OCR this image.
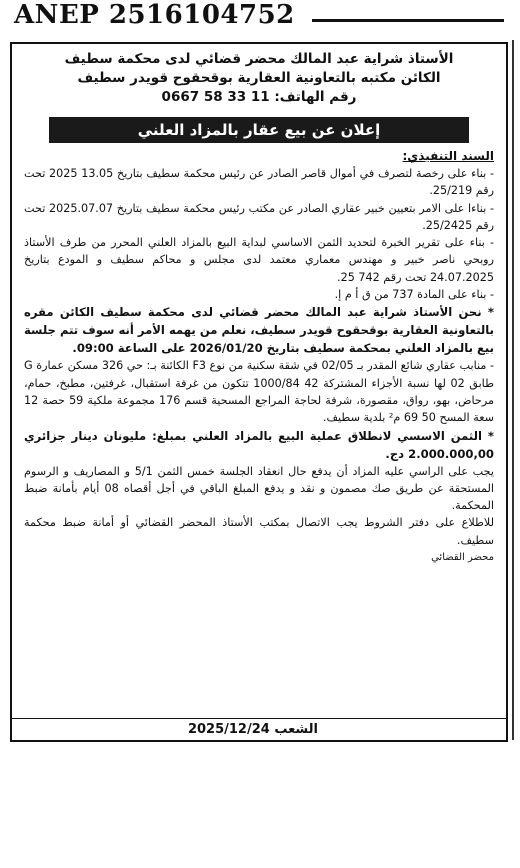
ANEP 2516104752
الأستاذ شراية عبد المالك محضر قضائي لدى محكمة سطيف
الكائن مكتبه بالتعاونية العقارية بوقحقوح قويدر سطيف
رقم الهاتف: 11 33 58 0667
إعلان عن بيع عقار بالمزاد العلني
السند التنفيذي:

- بناء على رخصة لتصرف في أموال قاصر الصادر عن رئيس محكمة سطيف بتاريخ 13.05 2025 تحت رقم 25/219.

- بناءا على الامر بتعيين خبير عقاري الصادر عن مكتب رئيس محكمة سطيف بتاريخ 2025.07.07 تحت رقم 25/2425.

- بناء على تقرير الخبرة لتحديد الثمن الاساسي لبداية البيع بالمزاد العلني المحرر من طرف الأستاذ روبحي ناصر خبير و مهندس معماري معتمد لدى مجلس و محاكم سطيف و المودع بتاريخ 24.07.2025 تحت رقم 742 25.

- بناء على المادة 737 من ق أ م إ.

* نحن الأستاذ شراية عبد المالك محضر قضائي لدى محكمة سطيف الكائن مقره بالتعاونية العقارية بوقحقوح قويدر سطيف، نعلم من يهمه الأمر أنه سوف تتم جلسة بيع بالمزاد العلني بمحكمة سطيف بتاريخ 2026/01/20 على الساعة 09:00.

- منابب عقاري شائع المقدر بـ 02/05 في شقة سكنية من نوع F3 الكائنة بـ: حي 326 مسكن عمارة G طابق 02 لها نسبة الأجزاء المشتركة 42 1000/84 تتكون من غرفة استقبال، غرفتين، مطبخ، حمام، مرحاض، بهو، رواق، مقصورة، شرفة لحاجة المراجع المسحية قسم 176 مجموعة ملكية 59 حصة 12 سعة المسح 50 69 م² بلدية سطيف.

* الثمن الاسسي لانطلاق عملية البيع بالمزاد العلني بمبلغ: مليونان دينار جزائري 2.000.000,00 دج.

يجب على الراسي عليه المزاد أن يدفع حال انعقاد الجلسة خمس الثمن 5/1 و المصاريف و الرسوم المستحقة عن طريق صك مصمون و نقد و يدفع المبلغ الباقي في أجل أقصاه 08 أيام بأمانة ضبط المحكمة.

للاطلاع على دفتر الشروط يجب الاتصال بمكتب الأستاذ المحضر القضائي أو أمانة ضبط محكمة سطيف.

محضر القضائي
الشعب 2025/12/24
